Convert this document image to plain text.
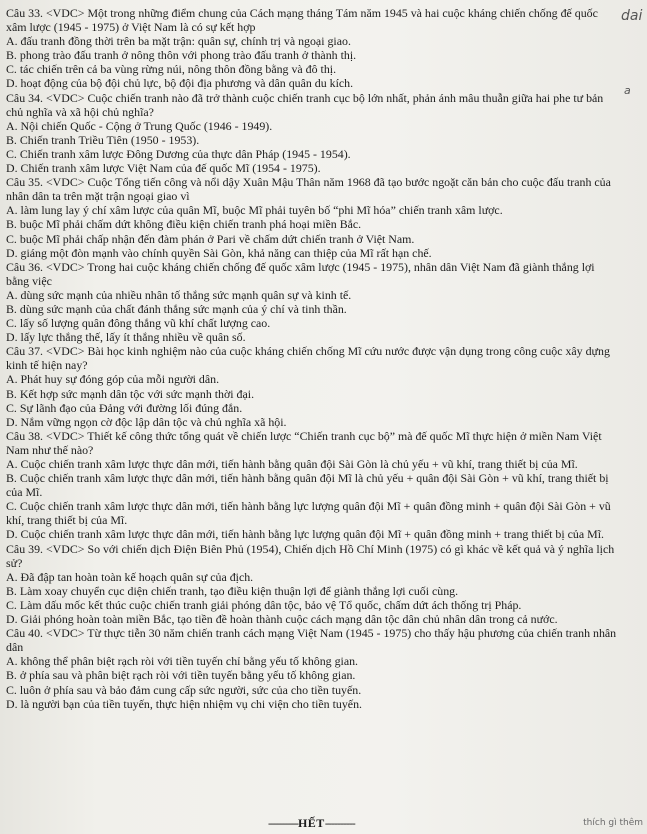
Câu 33. <VDC> Một trong những điểm chung của Cách mạng tháng Tám năm 1945 và hai cuộc kháng chiến chống đế quốc xâm lược (1945 - 1975) ở Việt Nam là có sự kết hợp

A. đấu tranh đồng thời trên ba mặt trận: quân sự, chính trị và ngoại giao.

B. phong trào đấu tranh ở nông thôn với phong trào đấu tranh ở thành thị.

C. tác chiến trên cả ba vùng rừng núi, nông thôn đồng bằng và đô thị.

D. hoạt động của bộ đội chủ lực, bộ đội địa phương và dân quân du kích.

Câu 34. <VDC> Cuộc chiến tranh nào đã trở thành cuộc chiến tranh cục bộ lớn nhất, phản ánh mâu thuẫn giữa hai phe tư bản chủ nghĩa và xã hội chủ nghĩa?

A. Nội chiến Quốc - Cộng ở Trung Quốc (1946 - 1949).

B. Chiến tranh Triều Tiên (1950 - 1953).

C. Chiến tranh xâm lược Đông Dương của thực dân Pháp (1945 - 1954).

D. Chiến tranh xâm lược Việt Nam của đế quốc Mĩ (1954 - 1975).

Câu 35. <VDC> Cuộc Tổng tiến công và nổi dậy Xuân Mậu Thân năm 1968 đã tạo bước ngoặt căn bản cho cuộc đấu tranh của nhân dân ta trên mặt trận ngoại giao vì

A. làm lung lay ý chí xâm lược của quân Mĩ, buộc Mĩ phải tuyên bố “phi Mĩ hóa” chiến tranh xâm lược.

B. buộc Mĩ phải chấm dứt không điều kiện chiến tranh phá hoại miền Bắc.

C. buộc Mĩ phải chấp nhận đến đàm phán ở Pari về chấm dứt chiến tranh ở Việt Nam.

D. giáng một đòn mạnh vào chính quyền Sài Gòn, khả năng can thiệp của Mĩ rất hạn chế.

Câu 36. <VDC> Trong hai cuộc kháng chiến chống đế quốc xâm lược (1945 - 1975), nhân dân Việt Nam đã giành thắng lợi bằng việc

A. dùng sức mạnh của nhiều nhân tố thắng sức mạnh quân sự và kinh tế.

B. dùng sức mạnh của chất đánh thắng sức mạnh của ý chí và tinh thần.

C. lấy số lượng quân đông thắng vũ khí chất lượng cao.

D. lấy lực thắng thế, lấy ít thắng nhiều về quân số.

Câu 37. <VDC> Bài học kinh nghiệm nào của cuộc kháng chiến chống Mĩ cứu nước được vận dụng trong công cuộc xây dựng kinh tế hiện nay?

A. Phát huy sự đóng góp của mỗi người dân.

B. Kết hợp sức mạnh dân tộc với sức mạnh thời đại.

C. Sự lãnh đạo của Đảng với đường lối đúng đắn.

D. Nắm vững ngọn cờ độc lập dân tộc và chủ nghĩa xã hội.

Câu 38. <VDC> Thiết kế công thức tổng quát về chiến lược “Chiến tranh cục bộ” mà đế quốc Mĩ thực hiện ở miền Nam Việt Nam như thế nào?

A. Cuộc chiến tranh xâm lược thực dân mới, tiến hành bằng quân đội Sài Gòn là chủ yếu + vũ khí, trang thiết bị của Mĩ.

B. Cuộc chiến tranh xâm lược thực dân mới, tiến hành bằng quân đội Mĩ là chủ yếu + quân đội Sài Gòn + vũ khí, trang thiết bị của Mĩ.

C. Cuộc chiến tranh xâm lược thực dân mới, tiến hành bằng lực lượng quân đội Mĩ + quân đồng minh + quân đội Sài Gòn + vũ khí, trang thiết bị của Mĩ.

D. Cuộc chiến tranh xâm lược thực dân mới, tiến hành bằng lực lượng quân đội Mĩ + quân đồng minh + trang thiết bị của Mĩ.

Câu 39. <VDC> So với chiến dịch Điện Biên Phủ (1954), Chiến dịch Hồ Chí Minh (1975) có gì khác về kết quả và ý nghĩa lịch sử?

A. Đã đập tan hoàn toàn kế hoạch quân sự của địch.

B. Làm xoay chuyển cục diện chiến tranh, tạo điều kiện thuận lợi để giành thắng lợi cuối cùng.

C. Làm dấu mốc kết thúc cuộc chiến tranh giải phóng dân tộc, bảo vệ Tổ quốc, chấm dứt ách thống trị Pháp.

D. Giải phóng hoàn toàn miền Bắc, tạo tiền đề hoàn thành cuộc cách mạng dân tộc dân chủ nhân dân trong cả nước.

Câu 40. <VDC> Từ thực tiễn 30 năm chiến tranh cách mạng Việt Nam (1945 - 1975) cho thấy hậu phương của chiến tranh nhân dân

A. không thể phân biệt rạch ròi với tiền tuyến chỉ bằng yếu tố không gian.

B. ở phía sau và phân biệt rạch ròi với tiền tuyến bằng yếu tố không gian.

C. luôn ở phía sau và bảo đảm cung cấp sức người, sức của cho tiền tuyến.

D. là người bạn của tiền tuyến, thực hiện nhiệm vụ chi viện cho tiền tuyến.

----------HẾT----------	thích gì thêm
dai
a
